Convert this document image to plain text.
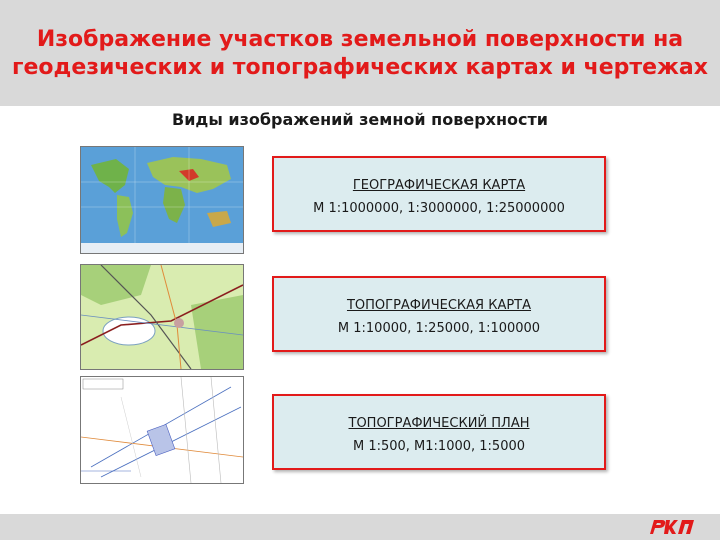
Изображение участков земельной поверхности на
геодезических и топографических картах и чертежах
Виды изображений земной поверхности
ГЕОГРАФИЧЕСКАЯ КАРТА
М 1:1000000, 1:3000000, 1:25000000
ТОПОГРАФИЧЕСКАЯ КАРТА
М 1:10000, 1:25000, 1:100000
ТОПОГРАФИЧЕСКИЙ ПЛАН
М 1:500, М1:1000, 1:5000
